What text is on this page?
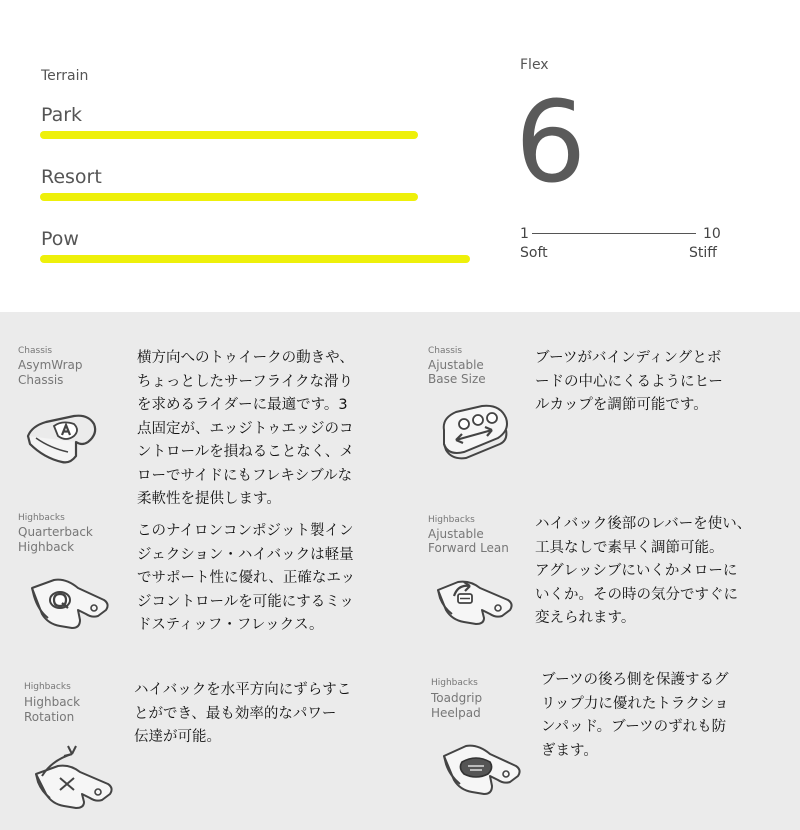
Terrain
Park
Resort
Pow
Flex
6
1	10
Soft	Stiff
Chassis
AsymWrap
Chassis
横方向へのトゥイークの動きや、
ちょっとしたサーフライクな滑り
を求めるライダーに最適です。3
点固定が、エッジトゥエッジのコ
ントロールを損ねることなく、メ
ローでサイドにもフレキシブルな
柔軟性を提供します。
Chassis
Ajustable
Base Size
ブーツがバインディングとボ
ードの中心にくるようにヒー
ルカップを調節可能です。
Highbacks
Quarterback
Highback
このナイロンコンポジット製イン
ジェクション・ハイバックは軽量
でサポート性に優れ、正確なエッ
ジコントロールを可能にするミッ
ドスティッフ・フレックス。
Highbacks
Ajustable
Forward Lean
ハイバック後部のレバーを使い、
工具なしで素早く調節可能。
アグレッシブにいくかメローに
いくか。その時の気分ですぐに
変えられます。
Highbacks
Highback
Rotation
ハイバックを水平方向にずらすこ
とができ、最も効率的なパワー
伝達が可能。
Highbacks
Toadgrip
Heelpad
ブーツの後ろ側を保護するグ
リップ力に優れたトラクショ
ンパッド。ブーツのずれも防
ぎます。
